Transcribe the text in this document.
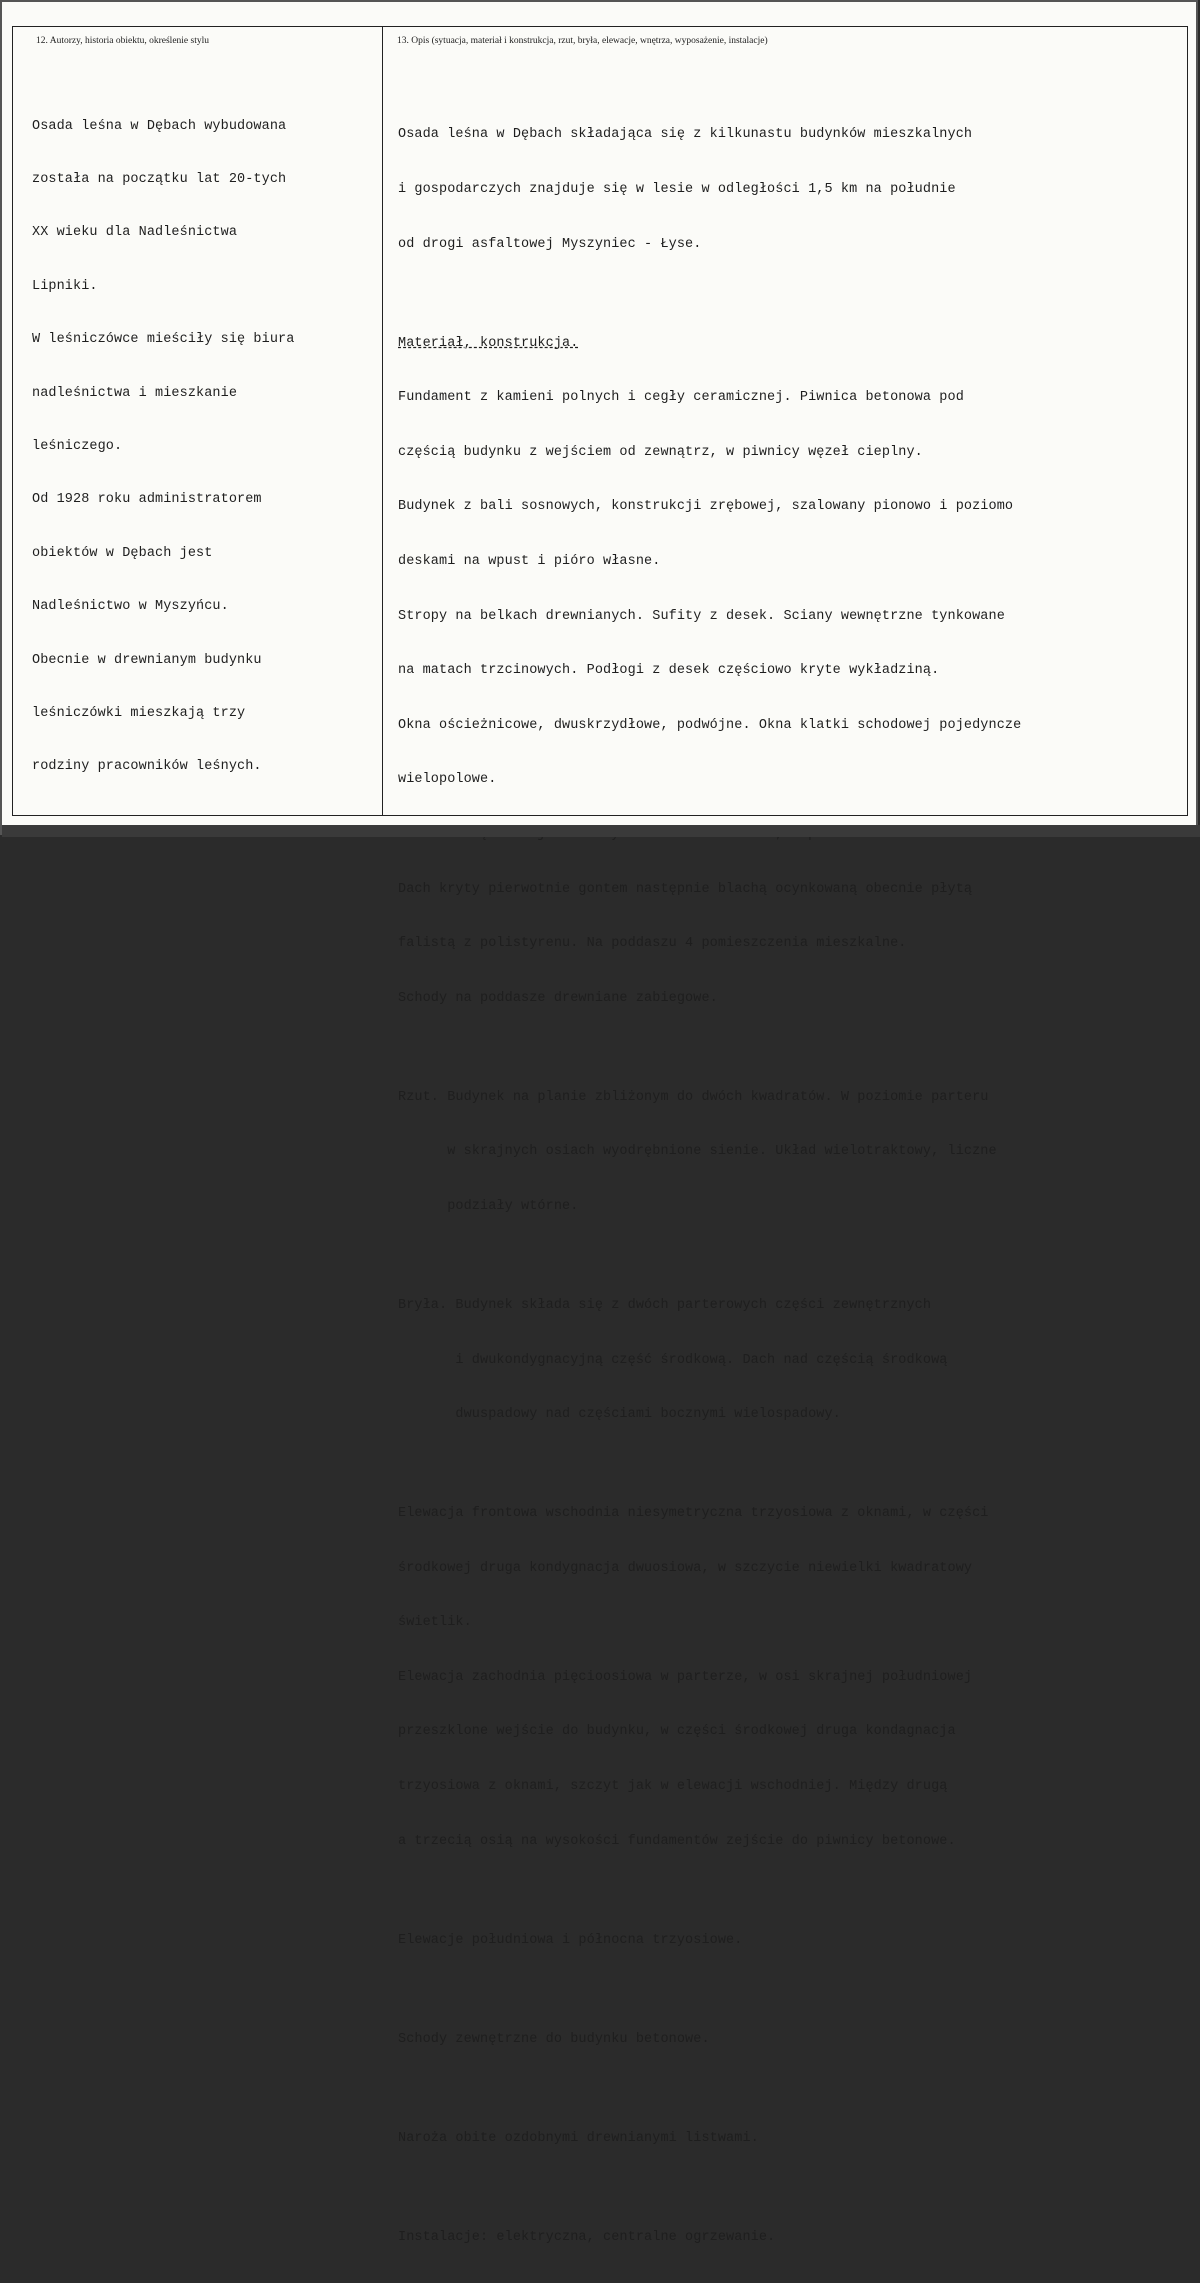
12. Autorzy, historia obiektu, określenie stylu	13. Opis (sytuacja, materiał i konstrukcja, rzut, bryła, elewacje, wnętrza, wyposażenie, instalacje)

Osada leśna w Dębach wybudowana

została na początku lat 20-tych

XX wieku dla Nadleśnictwa

Lipniki.

W leśniczówce mieściły się biura

nadleśnictwa i mieszkanie

leśniczego.

Od 1928 roku administratorem

obiektów w Dębach jest

Nadleśnictwo w Myszyńcu.

Obecnie w drewnianym budynku

leśniczówki mieszkają trzy

rodziny pracowników leśnych.

Osada leśna w Dębach składająca się z kilkunastu budynków mieszkalnych

i gospodarczych znajduje się w lesie w odległości 1,5 km na południe

od drogi asfaltowej Myszyniec - Łyse.

Materiał, konstrukcja.

Fundament z kamieni polnych i cegły ceramicznej. Piwnica betonowa pod

częścią budynku z wejściem od zewnątrz, w piwnicy węzeł cieplny.

Budynek z bali sosnowych, konstrukcji zrębowej, szalowany pionowo i poziomo

deskami na wpust i pióro własne.

Stropy na belkach drewnianych. Sufity z desek. Sciany wewnętrzne tynkowane

na matach trzcinowych. Podłogi z desek częściowo kryte wykładziną.

Okna ościeżnicowe, dwuskrzydłowe, podwójne. Okna klatki schodowej pojedyncze

wielopolowe.

Dach kryty pierwotnie gontem następnie blachą ocynkowaną obecnie płytą

falistą z polistyrenu. Na poddaszu 4 pomieszczenia mieszkalne.

Schody na poddasze drewniane zabiegowe.

Rzut. Budynek na planie zbliżonym do dwóch kwadratów. W poziomie parteru

w skrajnych osiach wyodrębnione sienie. Układ wielotraktowy, liczne

podziały wtórne.

Bryła. Budynek składa się z dwóch parterowych części zewnętrznych

i dwukondygnacyjną część środkową. Dach nad częścią środkową

dwuspadowy nad częściami bocznymi wielospadowy.

Elewacja frontowa wschodnia niesymetryczna trzyosiowa z oknami, w części

środkowej druga kondygnacja dwuosiowa, w szczycie niewielki kwadratowy

świetlik.

Elewacja zachodnia pięcioosiowa w parterze, w osi skrajnej południowej

przeszklone wejście do budynku, w części środkowej druga kondagnacja

trzyosiowa z oknami, szczyt jak w elewacji wschodniej. Między drugą

a trzecią osią na wysokości fundamentów zejście do piwnicy betonowe.

Elewacje południowa i północna trzyosiowe.

Schody zewnętrzne do budynku betonowe.

Naroża obite ozdobnymi drewnianymi listwami.

Instalacje: elektryczna, centralne ogrzewanie.
